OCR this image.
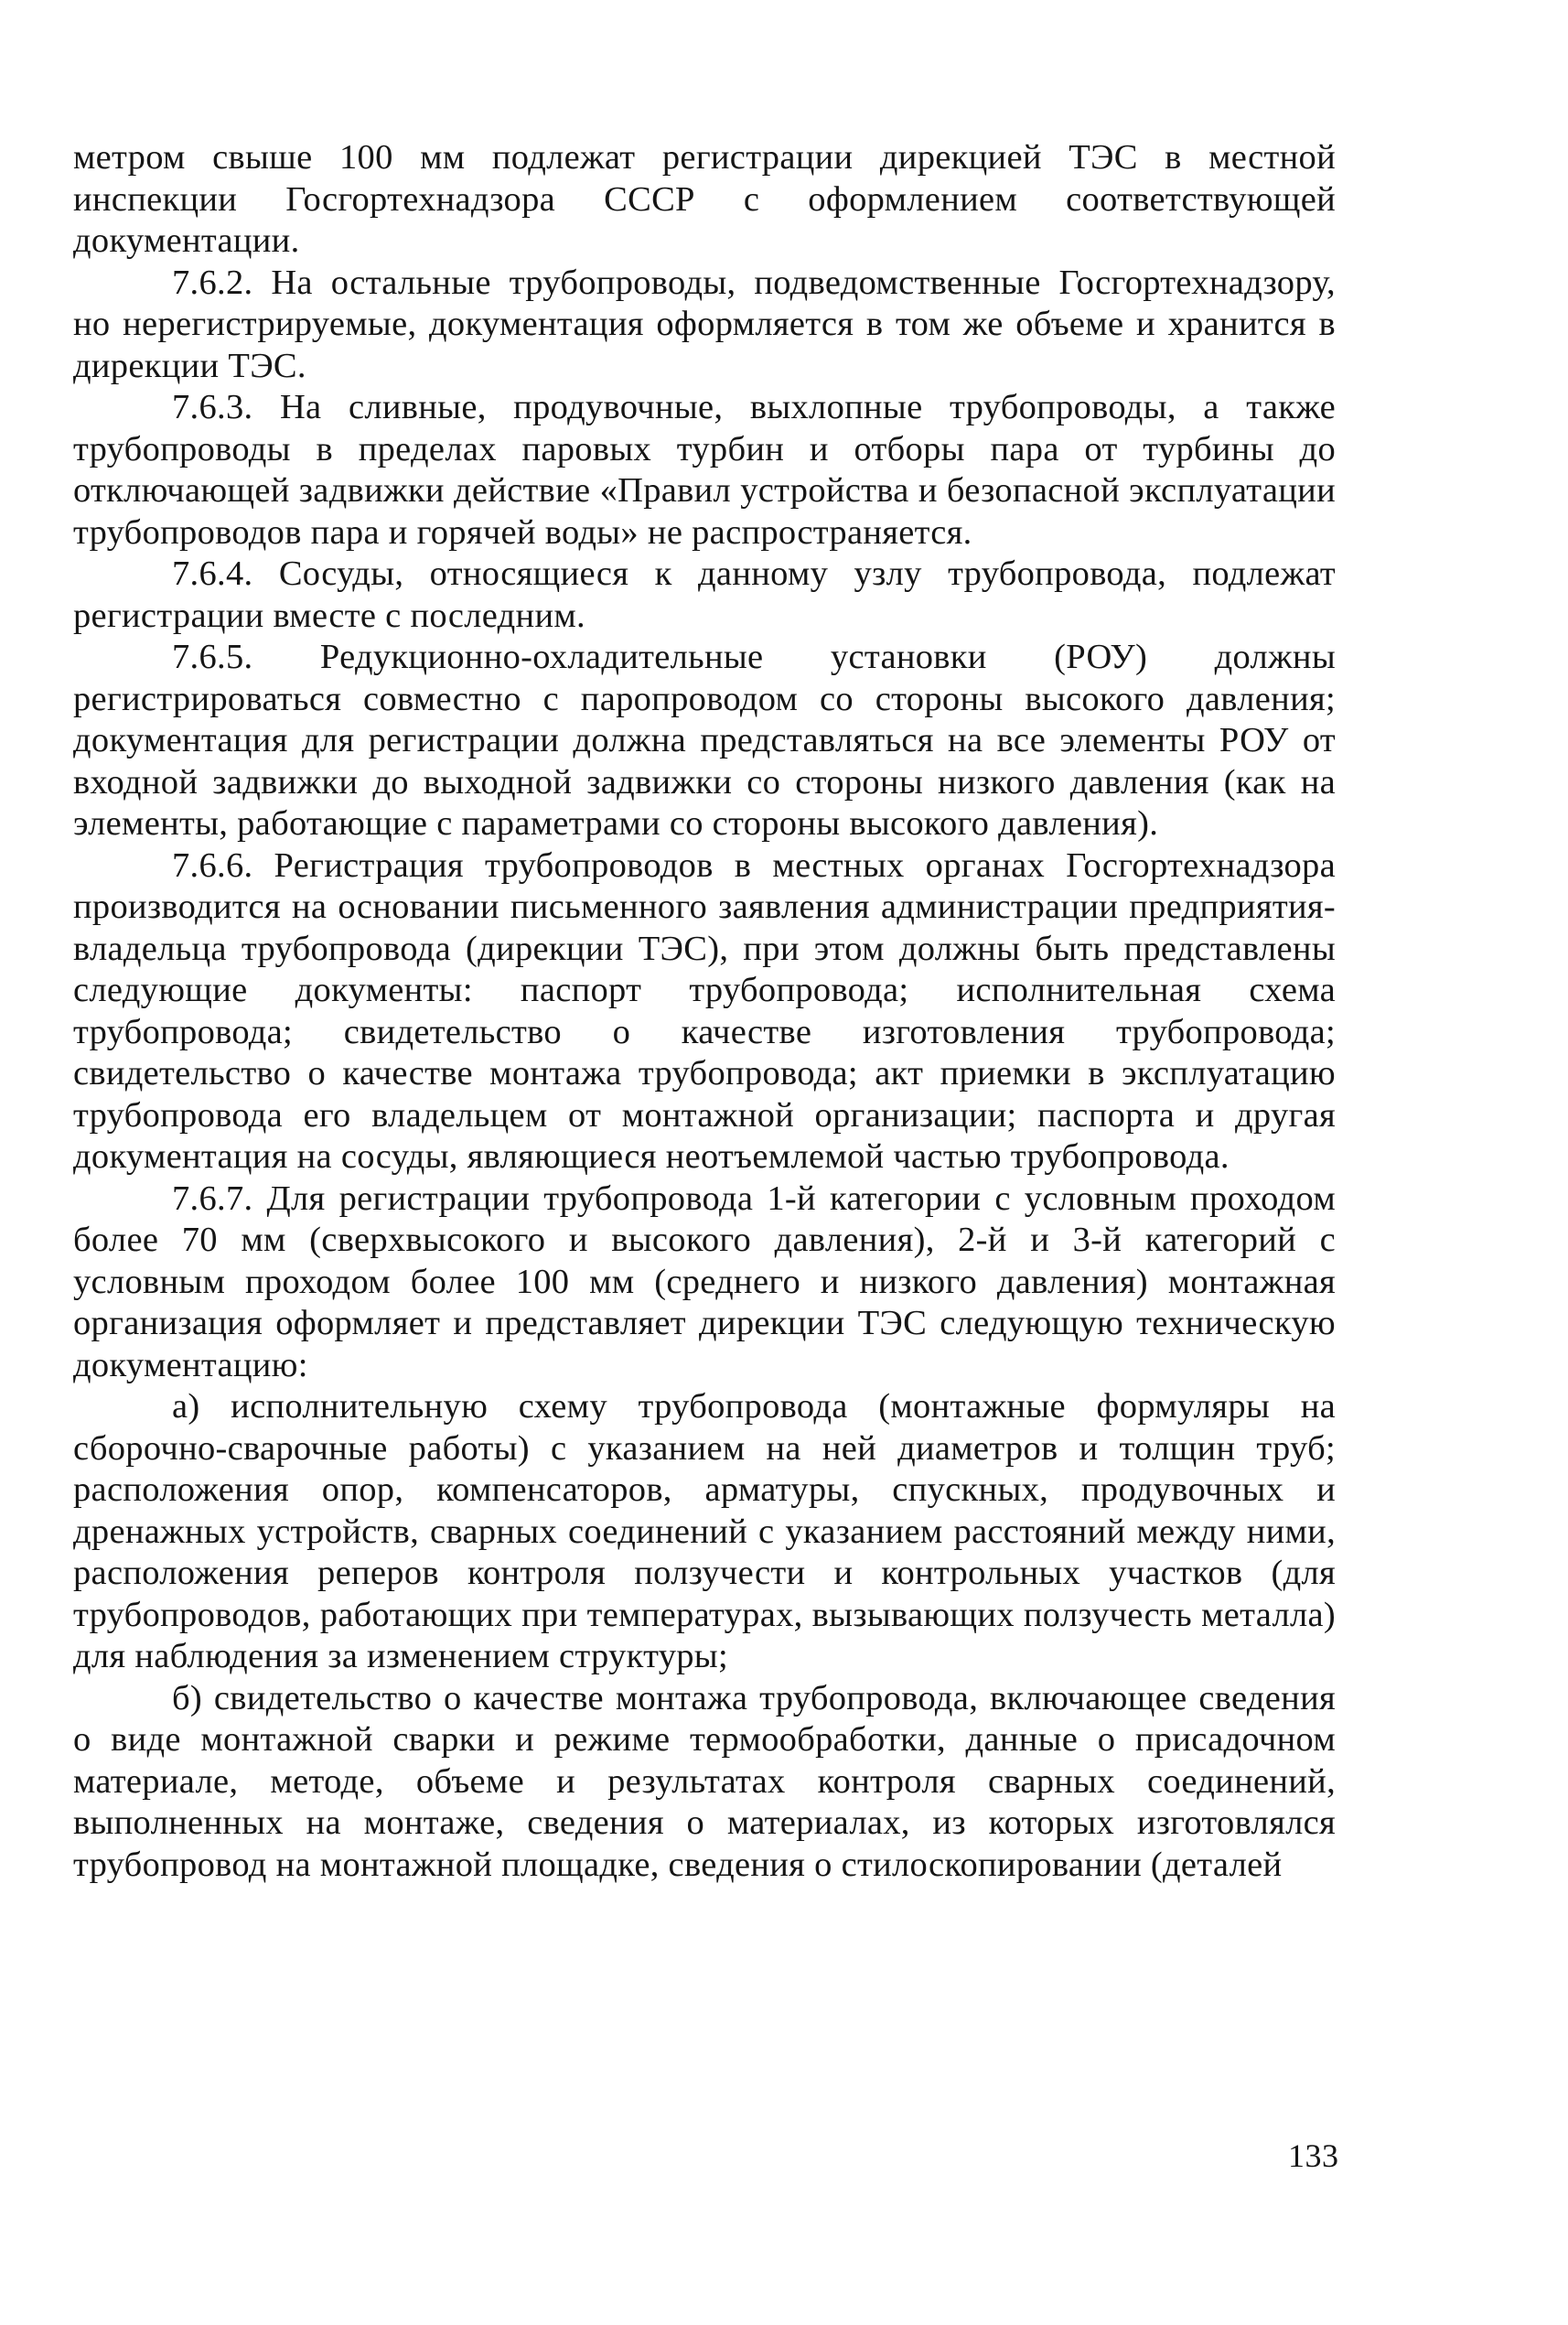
метром свыше 100 мм подлежат регистрации дирекцией ТЭС в местной инспекции Госгортехнадзора СССР с оформлением соответствующей документации.

7.6.2. На остальные трубопроводы, подведомственные Госгортехнадзору, но нерегистрируемые, документация оформляется в том же объеме и хранится в дирекции ТЭС.

7.6.3. На сливные, продувочные, выхлопные трубопроводы, а также трубопроводы в пределах паровых турбин и отборы пара от турбины до отключающей задвижки действие «Правил устройства и безопасной эксплуатации трубопроводов пара и горячей воды» не распространяется.

7.6.4. Сосуды, относящиеся к данному узлу трубопровода, подлежат регистрации вместе с последним.

7.6.5. Редукционно-охладительные установки (РОУ) должны регистрироваться совместно с паропроводом со стороны высокого давления; документация для регистрации должна представляться на все элементы РОУ от входной задвижки до выходной задвижки со стороны низкого давления (как на элементы, работающие с параметрами со стороны высокого давления).

7.6.6. Регистрация трубопроводов в местных органах Госгортехнадзора производится на основании письменного заявления администрации предприятия-владельца трубопровода (дирекции ТЭС), при этом должны быть представлены следующие документы: паспорт трубопровода; исполнительная схема трубопровода; свидетельство о качестве изготовления трубопровода; свидетельство о качестве монтажа трубопровода; акт приемки в эксплуатацию трубопровода его владельцем от монтажной организации; паспорта и другая документация на сосуды, являющиеся неотъемлемой частью трубопровода.

7.6.7. Для регистрации трубопровода 1-й категории с условным проходом более 70 мм (сверхвысокого и высокого давления), 2-й и 3-й категорий с условным проходом более 100 мм (среднего и низкого давления) монтажная организация оформляет и представляет дирекции ТЭС следующую техническую документацию:

а) исполнительную схему трубопровода (монтажные формуляры на сборочно-сварочные работы) с указанием на ней диаметров и толщин труб; расположения опор, компенсаторов, арматуры, спускных, продувочных и дренажных устройств, сварных соединений с указанием расстояний между ними, расположения реперов контроля ползучести и контрольных участков (для трубопроводов, работающих при температурах, вызывающих ползучесть металла) для наблюдения за изменением структуры;

б) свидетельство о качестве монтажа трубопровода, включающее сведения о виде монтажной сварки и режиме термообработки, данные о присадочном материале, методе, объеме и результатах контроля сварных соединений, выполненных на монтаже, сведения о материалах, из которых изготовлялся трубопровод на монтажной площадке, сведения о стилоскопировании (деталей

133
